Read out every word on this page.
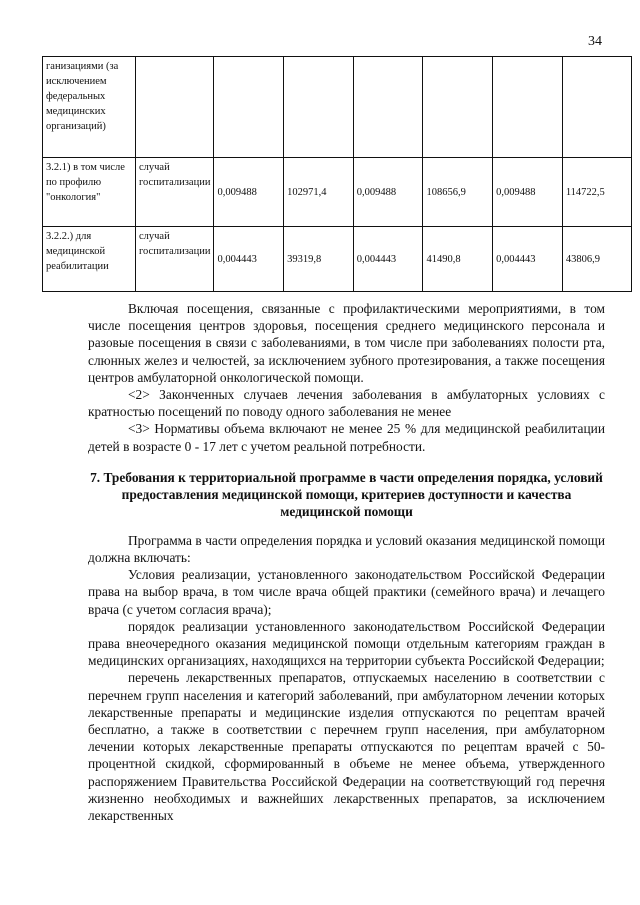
34
ганизациями (за исключением федеральных медицинских организаций)							
3.2.1) в том числе по профилю "онкология"	случай госпитализации	0,009488	102971,4	0,009488	108656,9	0,009488	114722,5
3.2.2.) для медицинской реабилитации	случай госпитализации	0,004443	39319,8	0,004443	41490,8	0,004443	43806,9

Включая посещения, связанные с профилактическими мероприятиями, в том числе посещения центров здоровья, посещения среднего медицинского персонала и разовые посещения в связи с заболеваниями, в том числе при заболеваниях полости рта, слюнных желез и челюстей, за исключением зубного протезирования, а также посещения центров амбулаторной онкологической помощи.

<2> Законченных случаев лечения заболевания в амбулаторных условиях с кратностью посещений по поводу одного заболевания не менее

<3> Нормативы объема включают не менее 25 % для медицинской реабилитации детей в возрасте 0 - 17 лет с учетом реальной потребности.

7. Требования к территориальной программе в части определения порядка, условий предоставления медицинской помощи, критериев доступности и качества медицинской помощи

Программа в части определения порядка и условий оказания медицинской помощи должна включать:

Условия реализации, установленного законодательством Российской Федерации права на выбор врача, в том числе врача общей практики (семейного врача) и лечащего врача (с учетом согласия врача);

порядок реализации установленного законодательством Российской Федерации права внеочередного оказания медицинской помощи отдельным категориям граждан в медицинских организациях, находящихся на территории субъекта Российской Федерации;

перечень лекарственных препаратов, отпускаемых населению в соответствии с перечнем групп населения и категорий заболеваний, при амбулаторном лечении которых лекарственные препараты и медицинские изделия отпускаются по рецептам врачей бесплатно, а также в соответствии с перечнем групп населения, при амбулаторном лечении которых лекарственные препараты отпускаются по рецептам врачей с 50-процентной скидкой, сформированный в объеме не менее объема, утвержденного распоряжением Правительства Российской Федерации на соответствующий год перечня жизненно необходимых и важнейших лекарственных препаратов, за исключением лекарственных
